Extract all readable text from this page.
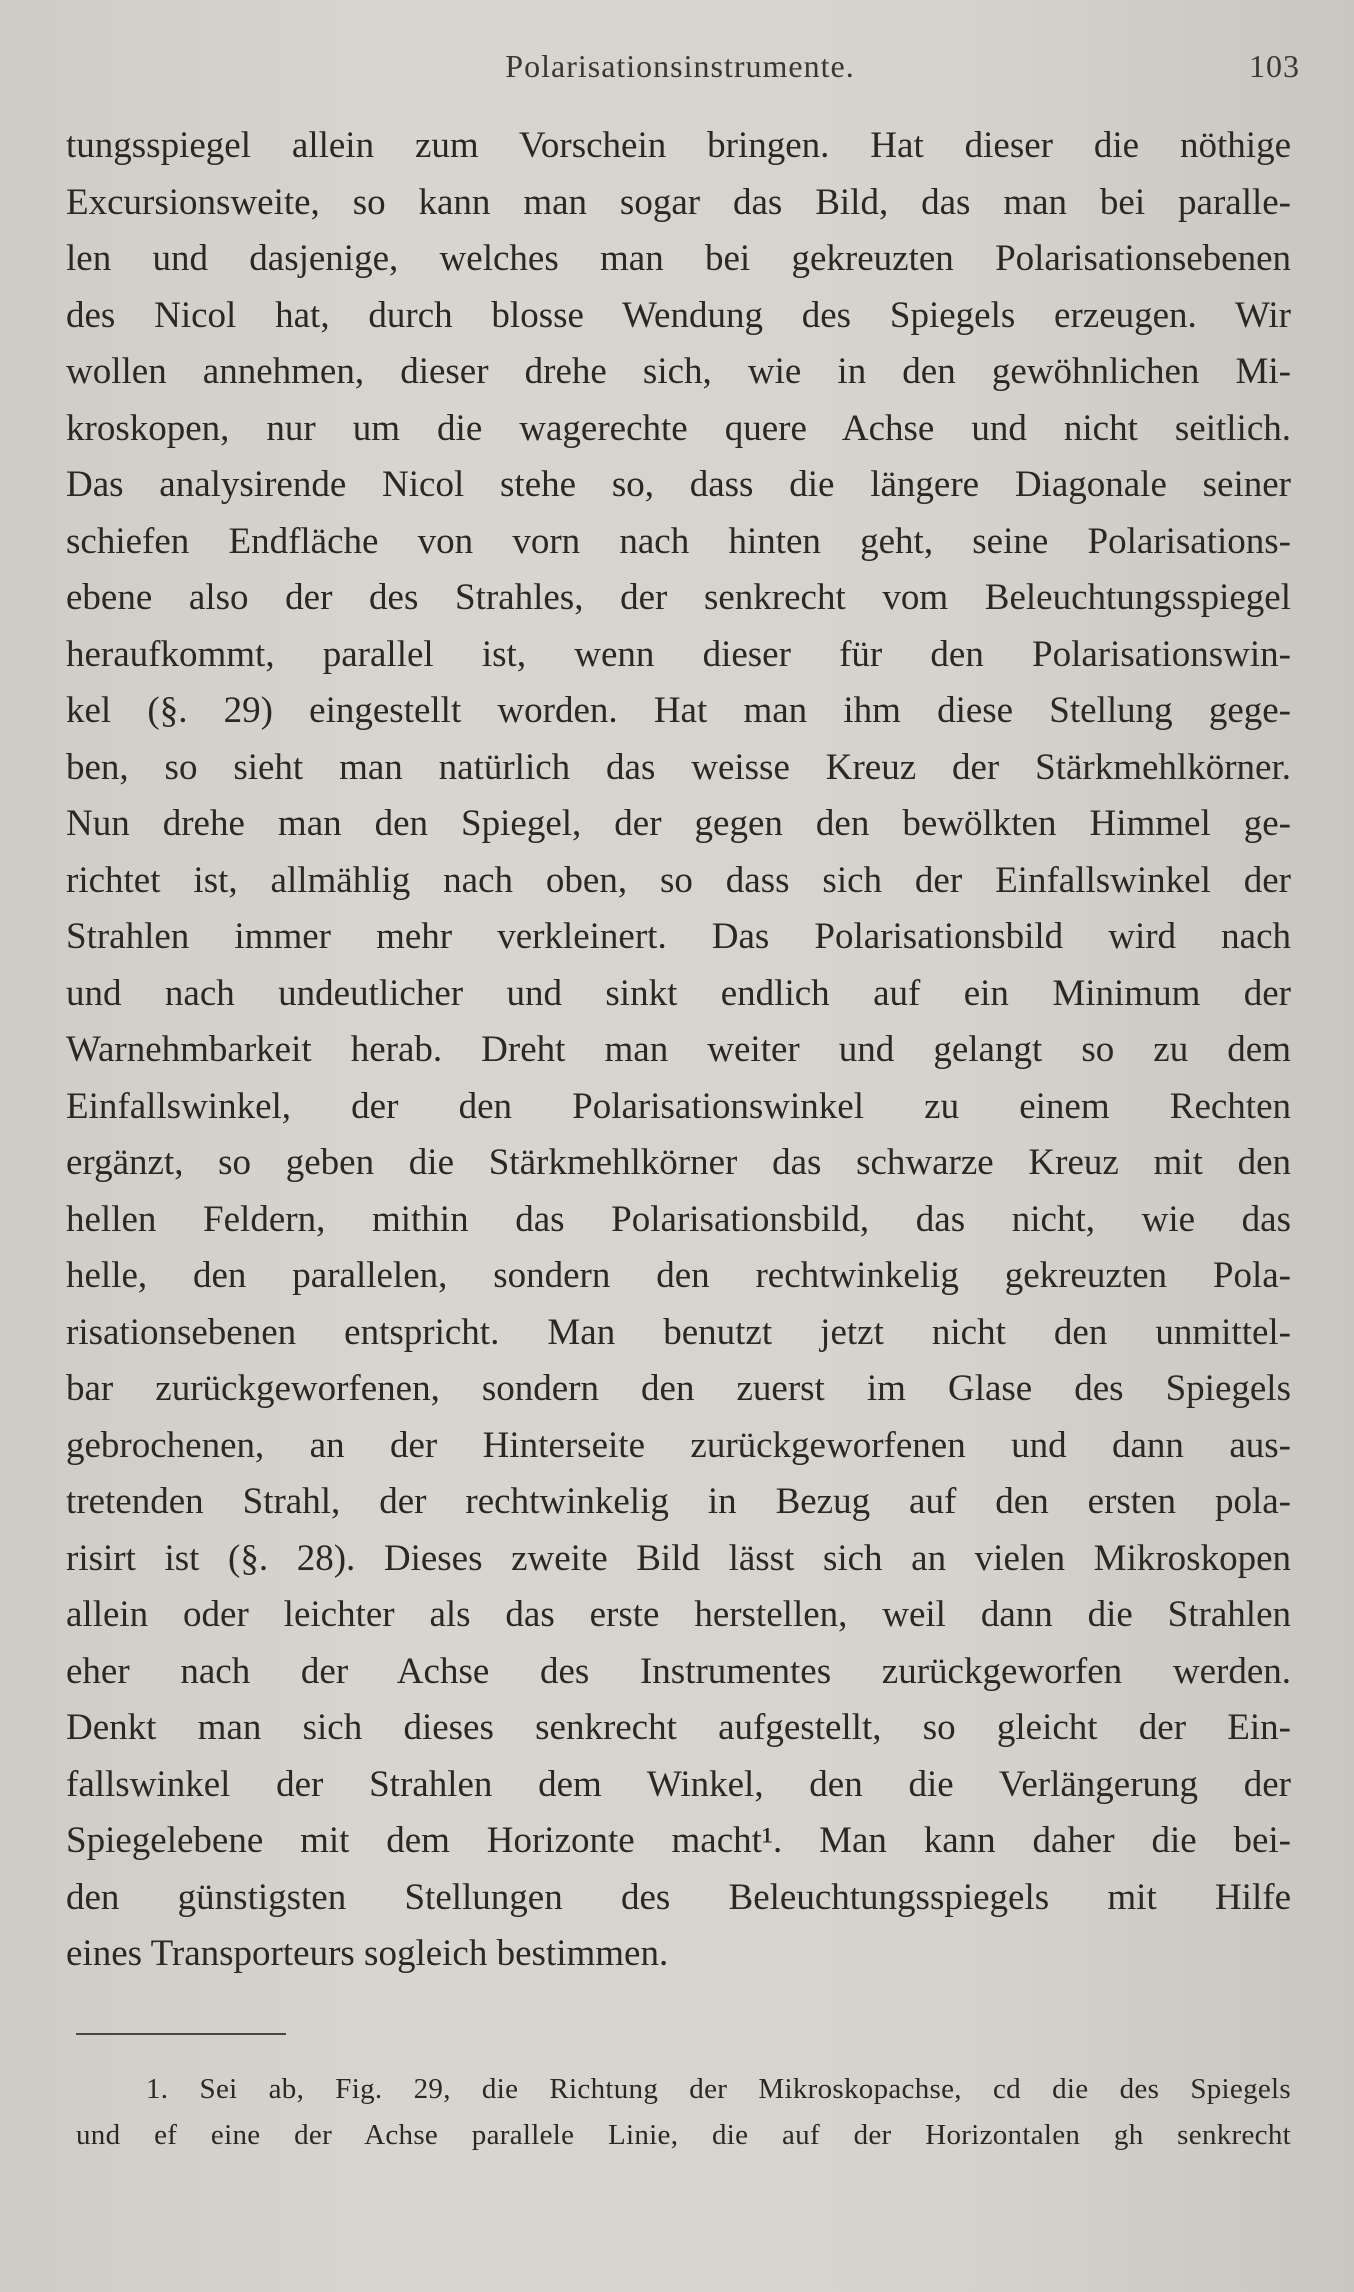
Polarisationsinstrumente.	103
tungsspiegel allein zum Vorschein bringen. Hat dieser die nöthige
Excursionsweite, so kann man sogar das Bild, das man bei paralle-
len und dasjenige, welches man bei gekreuzten Polarisationsebenen
des Nicol hat, durch blosse Wendung des Spiegels erzeugen. Wir
wollen annehmen, dieser drehe sich, wie in den gewöhnlichen Mi-
kroskopen, nur um die wagerechte quere Achse und nicht seitlich.
Das analysirende Nicol stehe so, dass die längere Diagonale seiner
schiefen Endfläche von vorn nach hinten geht, seine Polarisations-
ebene also der des Strahles, der senkrecht vom Beleuchtungsspiegel
heraufkommt, parallel ist, wenn dieser für den Polarisationswin-
kel (§. 29) eingestellt worden. Hat man ihm diese Stellung gege-
ben, so sieht man natürlich das weisse Kreuz der Stärkmehlkörner.
Nun drehe man den Spiegel, der gegen den bewölkten Himmel ge-
richtet ist, allmählig nach oben, so dass sich der Einfallswinkel der
Strahlen immer mehr verkleinert. Das Polarisationsbild wird nach
und nach undeutlicher und sinkt endlich auf ein Minimum der
Warnehmbarkeit herab. Dreht man weiter und gelangt so zu dem
Einfallswinkel, der den Polarisationswinkel zu einem Rechten
ergänzt, so geben die Stärkmehlkörner das schwarze Kreuz mit den
hellen Feldern, mithin das Polarisationsbild, das nicht, wie das
helle, den parallelen, sondern den rechtwinkelig gekreuzten Pola-
risationsebenen entspricht. Man benutzt jetzt nicht den unmittel-
bar zurückgeworfenen, sondern den zuerst im Glase des Spiegels
gebrochenen, an der Hinterseite zurückgeworfenen und dann aus-
tretenden Strahl, der rechtwinkelig in Bezug auf den ersten pola-
risirt ist (§. 28). Dieses zweite Bild lässt sich an vielen Mikroskopen
allein oder leichter als das erste herstellen, weil dann die Strahlen
eher nach der Achse des Instrumentes zurückgeworfen werden.
Denkt man sich dieses senkrecht aufgestellt, so gleicht der Ein-
fallswinkel der Strahlen dem Winkel, den die Verlängerung der
Spiegelebene mit dem Horizonte macht¹. Man kann daher die bei-
den günstigsten Stellungen des Beleuchtungsspiegels mit Hilfe
eines Transporteurs sogleich bestimmen.
1. Sei ab, Fig. 29, die Richtung der Mikroskopachse, cd die des Spiegels
und ef eine der Achse parallele Linie, die auf der Horizontalen gh senkrecht
